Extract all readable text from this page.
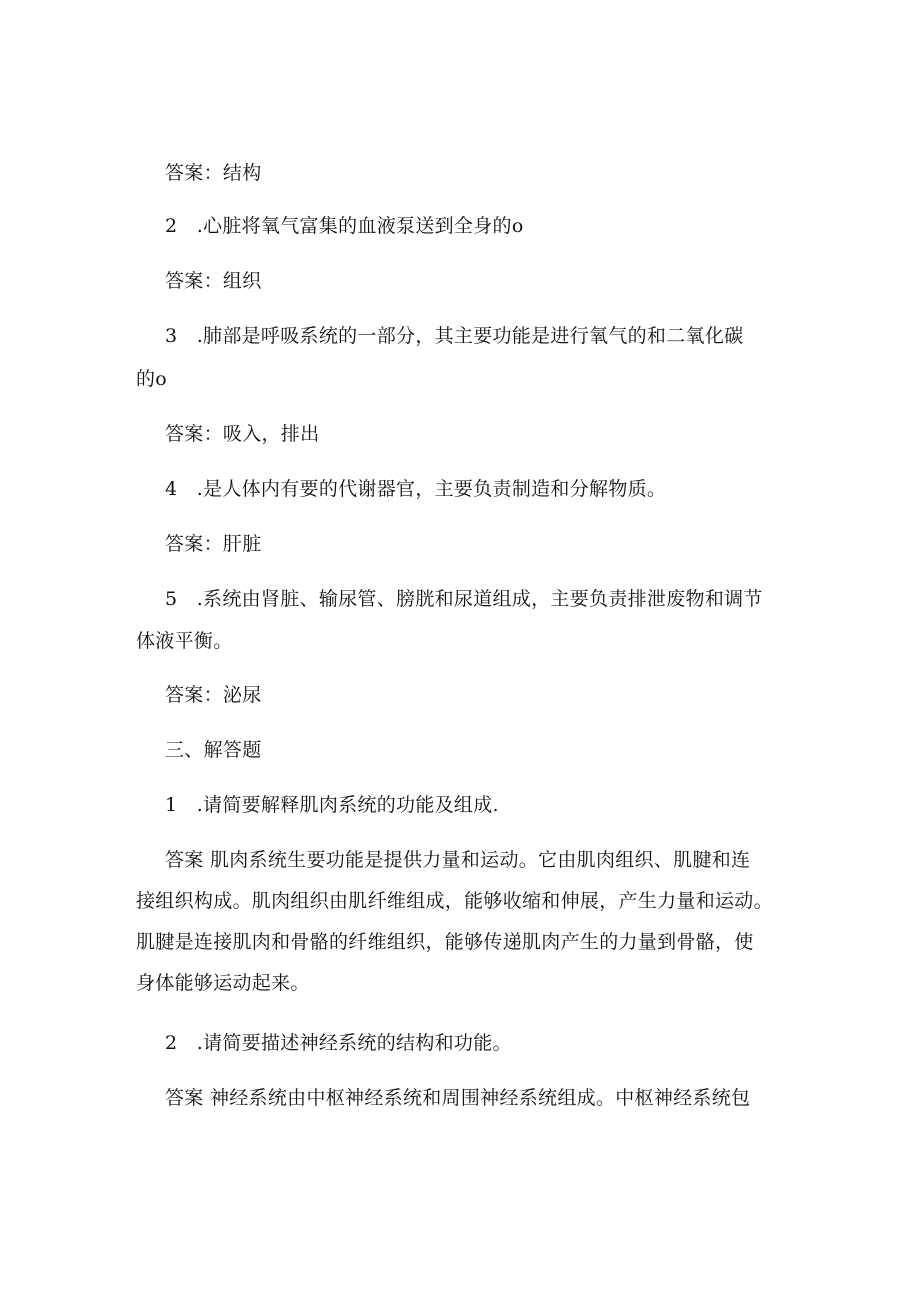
答案：结构

2　.心脏将氧气富集的血液泵送到全身的o

答案：组织

3　.肺部是呼吸系统的一部分，其主要功能是进行氧气的和二氧化碳

的o

答案：吸入，排出

4　.是人体内有要的代谢器官，主要负责制造和分解物质。

答案：肝脏

5　.系统由肾脏、输尿管、膀胱和尿道组成，主要负责排泄废物和调节

体液平衡。

答案：泌尿

三、解答题

1　.请简要解释肌肉系统的功能及组成.

答案 肌肉系统生要功能是提供力量和运动。它由肌肉组织、肌腱和连

接组织构成。肌肉组织由肌纤维组成，能够收缩和伸展，产生力量和运动。

肌腱是连接肌肉和骨骼的纤维组织，能够传递肌肉产生的力量到骨骼，使

身体能够运动起来。

2　.请简要描述神经系统的结构和功能。

答案 神经系统由中枢神经系统和周围神经系统组成。中枢神经系统包
